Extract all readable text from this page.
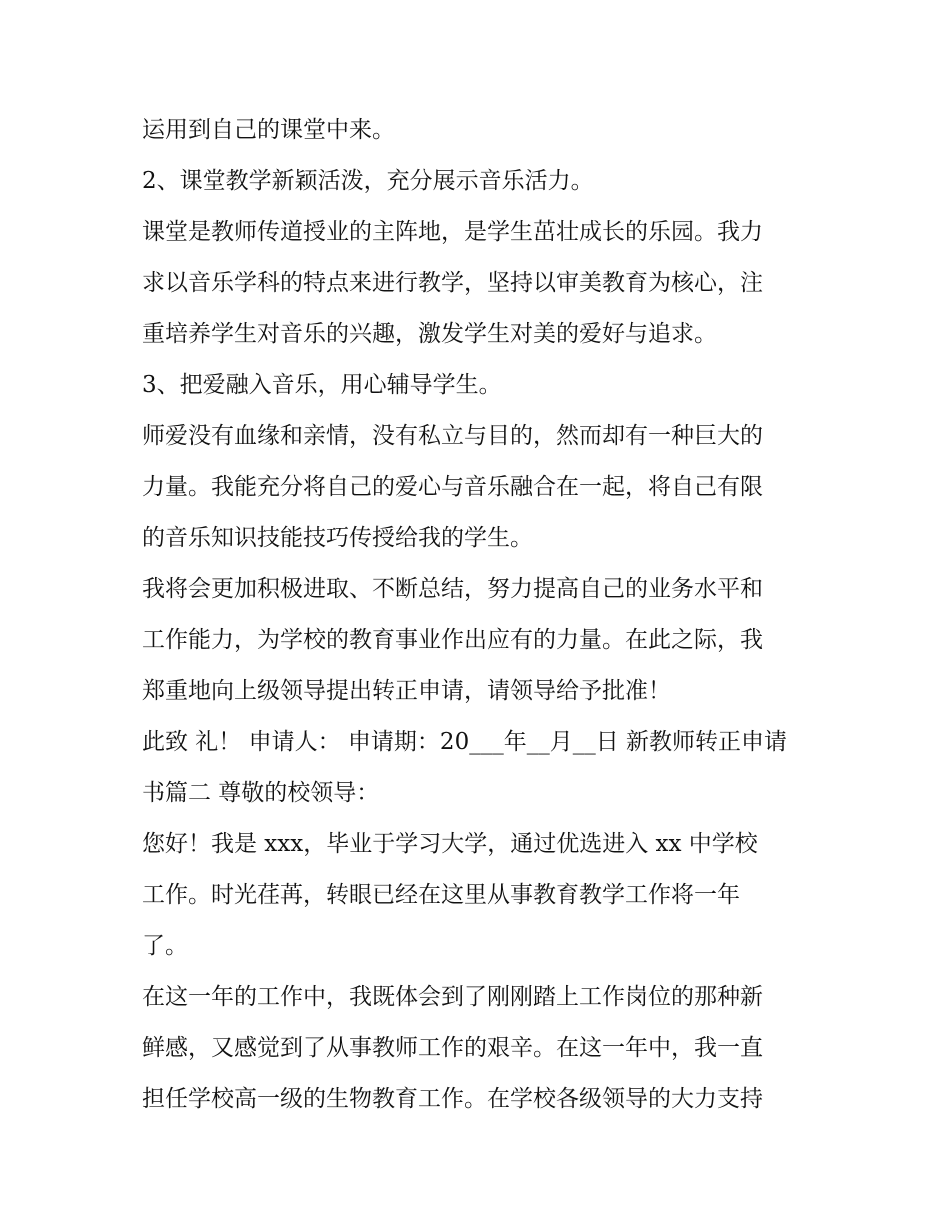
运用到自己的课堂中来。
2、课堂教学新颖活泼，充分展示音乐活力。
课堂是教师传道授业的主阵地，是学生茁壮成长的乐园。我力
求以音乐学科的特点来进行教学，坚持以审美教育为核心，注
重培养学生对音乐的兴趣，激发学生对美的爱好与追求。
3、把爱融入音乐，用心辅导学生。
师爱没有血缘和亲情，没有私立与目的，然而却有一种巨大的
力量。我能充分将自己的爱心与音乐融合在一起，将自己有限
的音乐知识技能技巧传授给我的学生。
我将会更加积极进取、不断总结，努力提高自己的业务水平和
工作能力，为学校的教育事业作出应有的力量。在此之际，我
郑重地向上级领导提出转正申请，请领导给予批准！
此致 礼！ 申请人： 申请期：20___年__月__日 新教师转正申请
书篇二 尊敬的校领导：
您好！我是 xxx，毕业于学习大学，通过优选进入 xx 中学校
工作。时光荏苒，转眼已经在这里从事教育教学工作将一年
了。
在这一年的工作中，我既体会到了刚刚踏上工作岗位的那种新
鲜感，又感觉到了从事教师工作的艰辛。在这一年中，我一直
担任学校高一级的生物教育工作。在学校各级领导的大力支持
